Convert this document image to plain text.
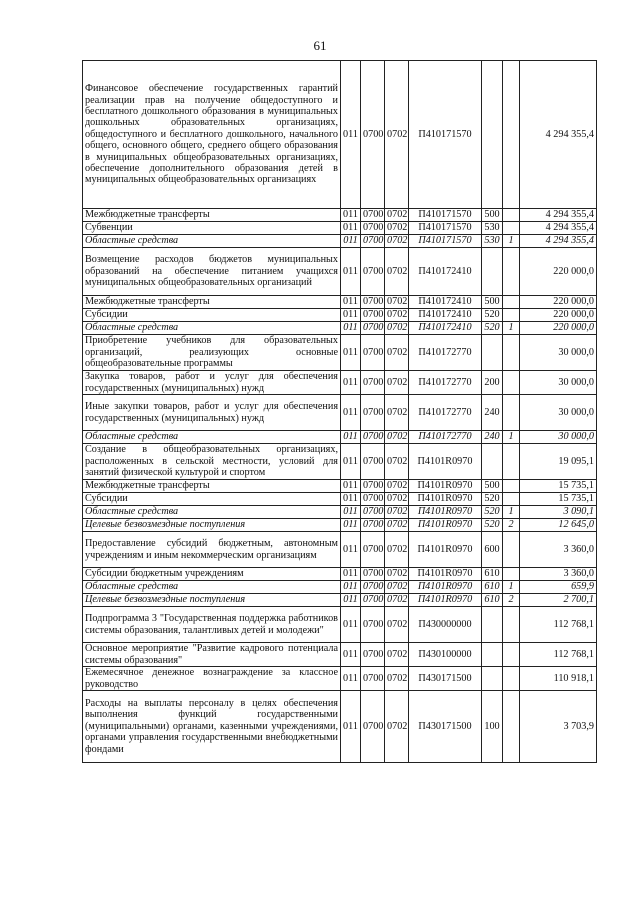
61
Финансовое обеспечение государственных гарантий реализации прав на получение общедоступного и бесплатного дошкольного образования в муниципальных дошкольных образовательных организациях, общедоступного и бесплатного дошкольного, начального общего, основного общего, среднего общего образования в муниципальных общеобразовательных организациях, обеспечение дополнительного образования детей в муниципальных общеобразовательных организациях	011	0700	0702	П410171570			4 294 355,4
Межбюджетные трансферты	011	0700	0702	П410171570	500		4 294 355,4
Субвенции	011	0700	0702	П410171570	530		4 294 355,4
Областные средства	011	0700	0702	П410171570	530	1	4 294 355,4
Возмещение расходов бюджетов муниципальных образований на обеспечение питанием учащихся муниципальных общеобразовательных организаций	011	0700	0702	П410172410			220 000,0
Межбюджетные трансферты	011	0700	0702	П410172410	500		220 000,0
Субсидии	011	0700	0702	П410172410	520		220 000,0
Областные средства	011	0700	0702	П410172410	520	1	220 000,0
Приобретение учебников для образовательных организаций, реализующих основные общеобразовательные программы	011	0700	0702	П410172770			30 000,0
Закупка товаров, работ и услуг для обеспечения государственных (муниципальных) нужд	011	0700	0702	П410172770	200		30 000,0
Иные закупки товаров, работ и услуг для обеспечения государственных (муниципальных) нужд	011	0700	0702	П410172770	240		30 000,0
Областные средства	011	0700	0702	П410172770	240	1	30 000,0
Создание в общеобразовательных организациях, расположенных в сельской местности, условий для занятий физической культурой и спортом	011	0700	0702	П4101R0970			19 095,1
Межбюджетные трансферты	011	0700	0702	П4101R0970	500		15 735,1
Субсидии	011	0700	0702	П4101R0970	520		15 735,1
Областные средства	011	0700	0702	П4101R0970	520	1	3 090,1
Целевые безвозмездные поступления	011	0700	0702	П4101R0970	520	2	12 645,0
Предоставление субсидий бюджетным, автономным учреждениям и иным некоммерческим организациям	011	0700	0702	П4101R0970	600		3 360,0
Субсидии бюджетным учреждениям	011	0700	0702	П4101R0970	610		3 360,0
Областные средства	011	0700	0702	П4101R0970	610	1	659,9
Целевые безвозмездные поступления	011	0700	0702	П4101R0970	610	2	2 700,1
Подпрограмма 3 "Государственная поддержка работников системы образования, талантливых детей и молодежи"	011	0700	0702	П430000000			112 768,1
Основное мероприятие "Развитие кадрового потенциала системы образования"	011	0700	0702	П430100000			112 768,1
Ежемесячное денежное вознаграждение за классное руководство	011	0700	0702	П430171500			110 918,1
Расходы на выплаты персоналу в целях обеспечения выполнения функций государственными (муниципальными) органами, казенными учреждениями, органами управления государственными внебюджетными фондами	011	0700	0702	П430171500	100		3 703,9
